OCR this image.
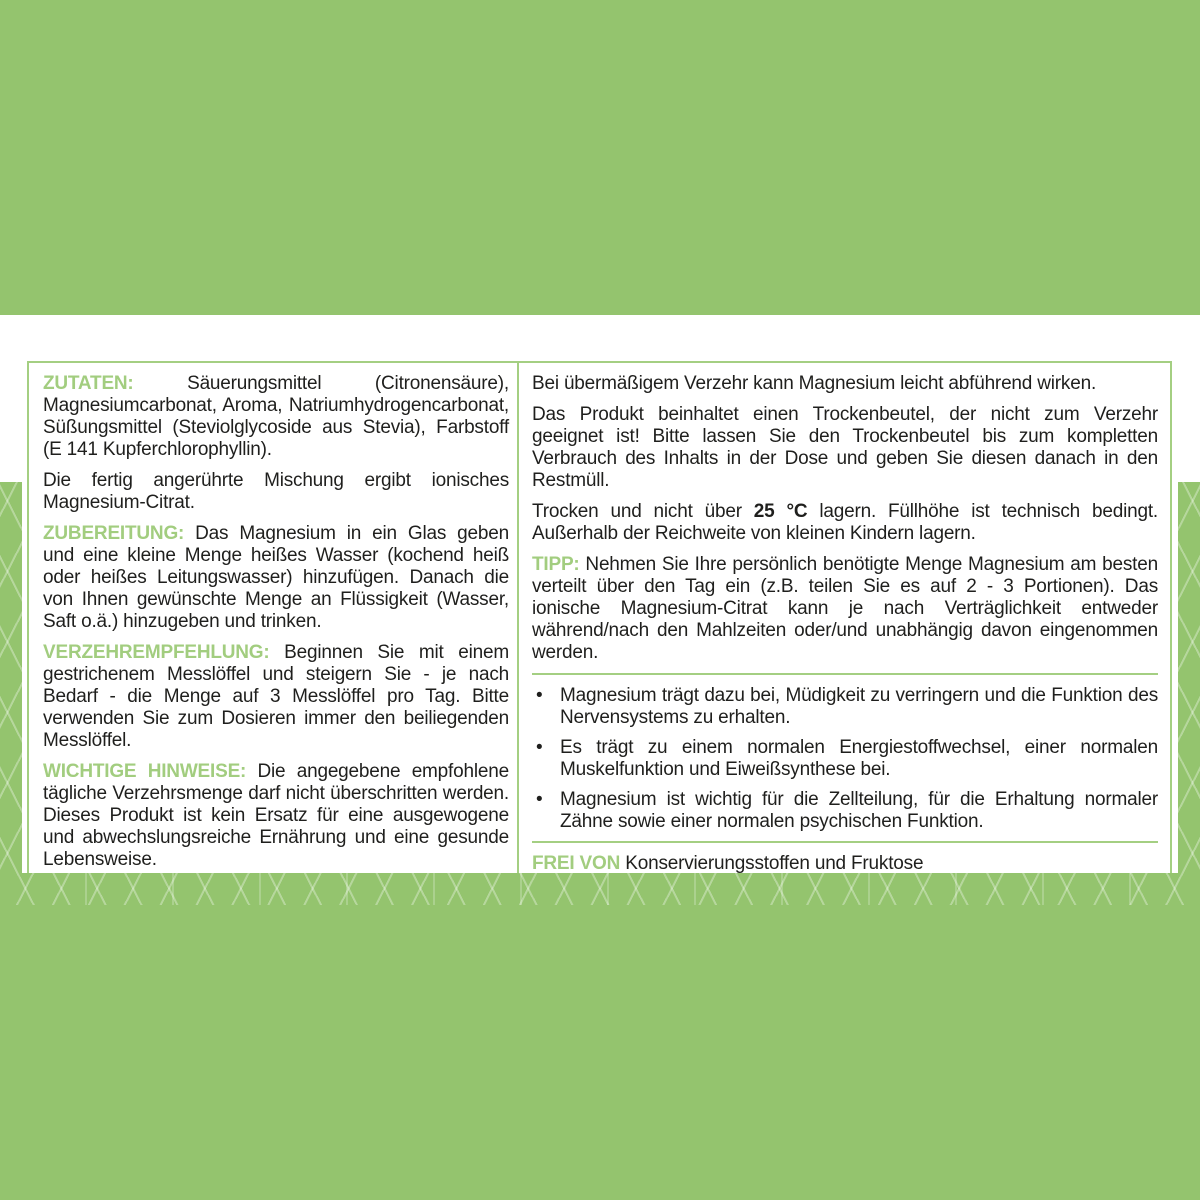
ZUTATEN:	Säuerungsmittel (Citronensäure), Magnesiumcarbonat, Aroma, Natriumhydrogencarbonat, Süßungsmittel (Steviolglycoside aus Stevia), Farbstoff (E 141 Kupferchlorophyllin).

Die fertig angerührte Mischung ergibt ionisches Magnesium-Citrat.

ZUBEREITUNG: Das Magnesium in ein Glas geben und eine kleine Menge heißes Wasser (kochend heiß oder heißes Leitungswasser) hinzufügen. Danach die von Ihnen gewünschte Menge an Flüssigkeit (Wasser, Saft o.ä.) hinzugeben und trinken.

VERZEHREMPFEHLUNG: Beginnen Sie mit einem gestrichenem Messlöffel und steigern Sie - je nach Bedarf - die Menge auf 3 Messlöffel pro Tag. Bitte verwenden Sie zum Dosieren immer den beiliegenden Messlöffel.

WICHTIGE HINWEISE: Die angegebene empfohlene tägliche Verzehrsmenge darf nicht überschritten werden. Dieses Produkt ist kein Ersatz für eine ausgewogene und abwechslungsreiche Ernährung und eine gesunde Lebensweise.

Bei übermäßigem Verzehr kann Magnesium leicht abführend wirken.

Das Produkt beinhaltet einen Trockenbeutel, der nicht zum Verzehr geeignet ist! Bitte lassen Sie den Trockenbeutel bis zum kompletten Verbrauch des Inhalts in der Dose und geben Sie diesen danach in den Restmüll.

Trocken und nicht über 25 °C lagern. Füllhöhe ist technisch bedingt. Außerhalb der Reichweite von kleinen Kindern lagern.

TIPP: Nehmen Sie Ihre persönlich benötigte Menge Magnesium am besten verteilt über den Tag ein (z.B. teilen Sie es auf 2 - 3 Portionen). Das ionische Magnesium-Citrat kann je nach Verträglichkeit entweder während/nach den Mahlzeiten oder/und unabhängig davon eingenommen werden.

• Magnesium trägt dazu bei, Müdigkeit zu verringern und die Funktion des Nervensystems zu erhalten.
• Es trägt zu einem normalen Energiestoffwechsel, einer normalen Muskelfunktion und Eiweißsynthese bei.
• Magnesium ist wichtig für die Zellteilung, für die Erhaltung normaler Zähne sowie einer normalen psychischen Funktion.

FREI VON Konservierungsstoffen und Fruktose
